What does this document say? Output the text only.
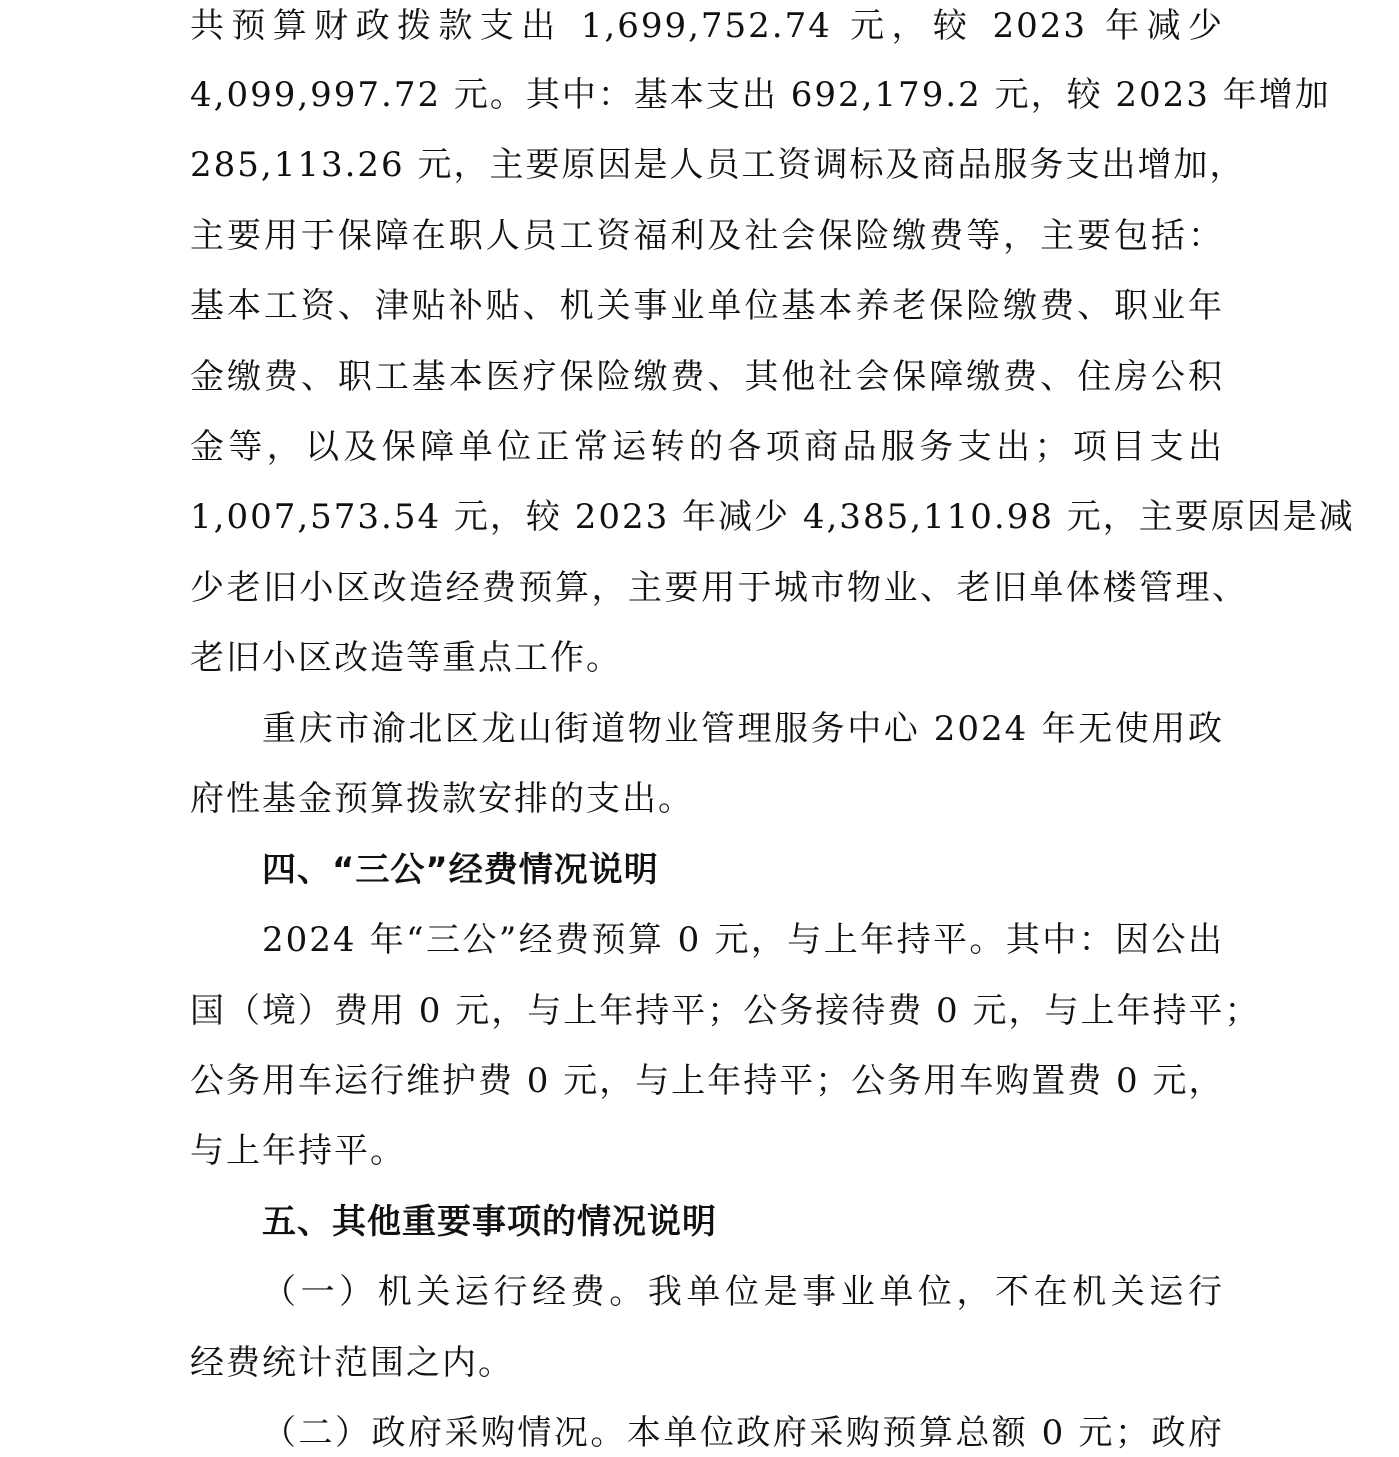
共预算财政拨款支出 1,699,752.74 元，较 2023 年减少
4,099,997.72 元。其中：基本支出 692,179.2 元，较 2023 年增加
285,113.26 元，主要原因是人员工资调标及商品服务支出增加，
主要用于保障在职人员工资福利及社会保险缴费等，主要包括：
基本工资、津贴补贴、机关事业单位基本养老保险缴费、职业年
金缴费、职工基本医疗保险缴费、其他社会保障缴费、住房公积
金等，以及保障单位正常运转的各项商品服务支出；项目支出
1,007,573.54 元，较 2023 年减少 4,385,110.98 元，主要原因是减
少老旧小区改造经费预算，主要用于城市物业、老旧单体楼管理、
老旧小区改造等重点工作。
重庆市渝北区龙山街道物业管理服务中心 2024 年无使用政
府性基金预算拨款安排的支出。
四、“三公”经费情况说明
2024 年“三公”经费预算 0 元，与上年持平。其中：因公出
国（境）费用 0 元，与上年持平；公务接待费 0 元，与上年持平；
公务用车运行维护费 0 元，与上年持平；公务用车购置费 0 元，
与上年持平。
五、其他重要事项的情况说明
（一）机关运行经费。我单位是事业单位，不在机关运行
经费统计范围之内。
（二）政府采购情况。本单位政府采购预算总额 0 元；政府
